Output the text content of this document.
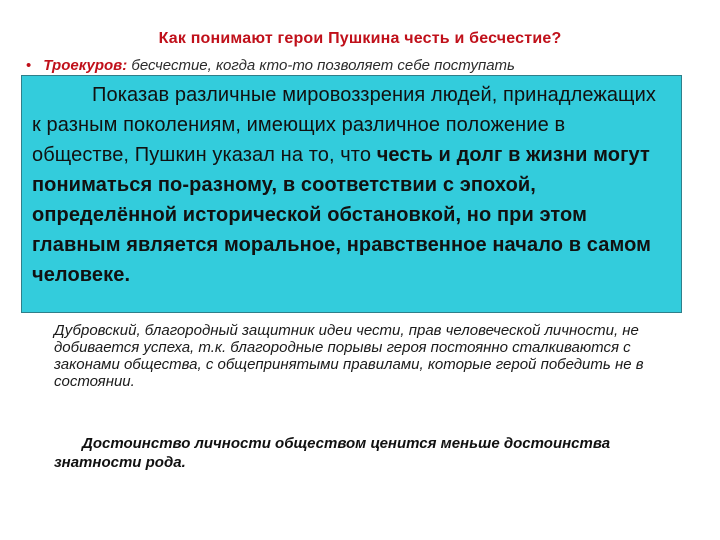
Как понимают герои Пушкина честь и бесчестие?
• Троекуров: бесчестие, когда кто-то позволяет себе поступать
Показав различные мировоззрения людей, принадлежащих к разным поколениям, имеющих различное положение в обществе, Пушкин указал на то, что честь и долг в жизни могут пониматься по-разному, в соответствии с эпохой, определённой исторической обстановкой, но при этом главным является моральное, нравственное начало в самом человеке.
Дубровский, благородный защитник идеи чести, прав человеческой личности, не добивается успеха, т.к. благородные порывы героя постоянно сталкиваются с законами общества, с общепринятыми правилами, которые герой победить не в состоянии.
Достоинство личности обществом ценится меньше достоинства знатности рода.
